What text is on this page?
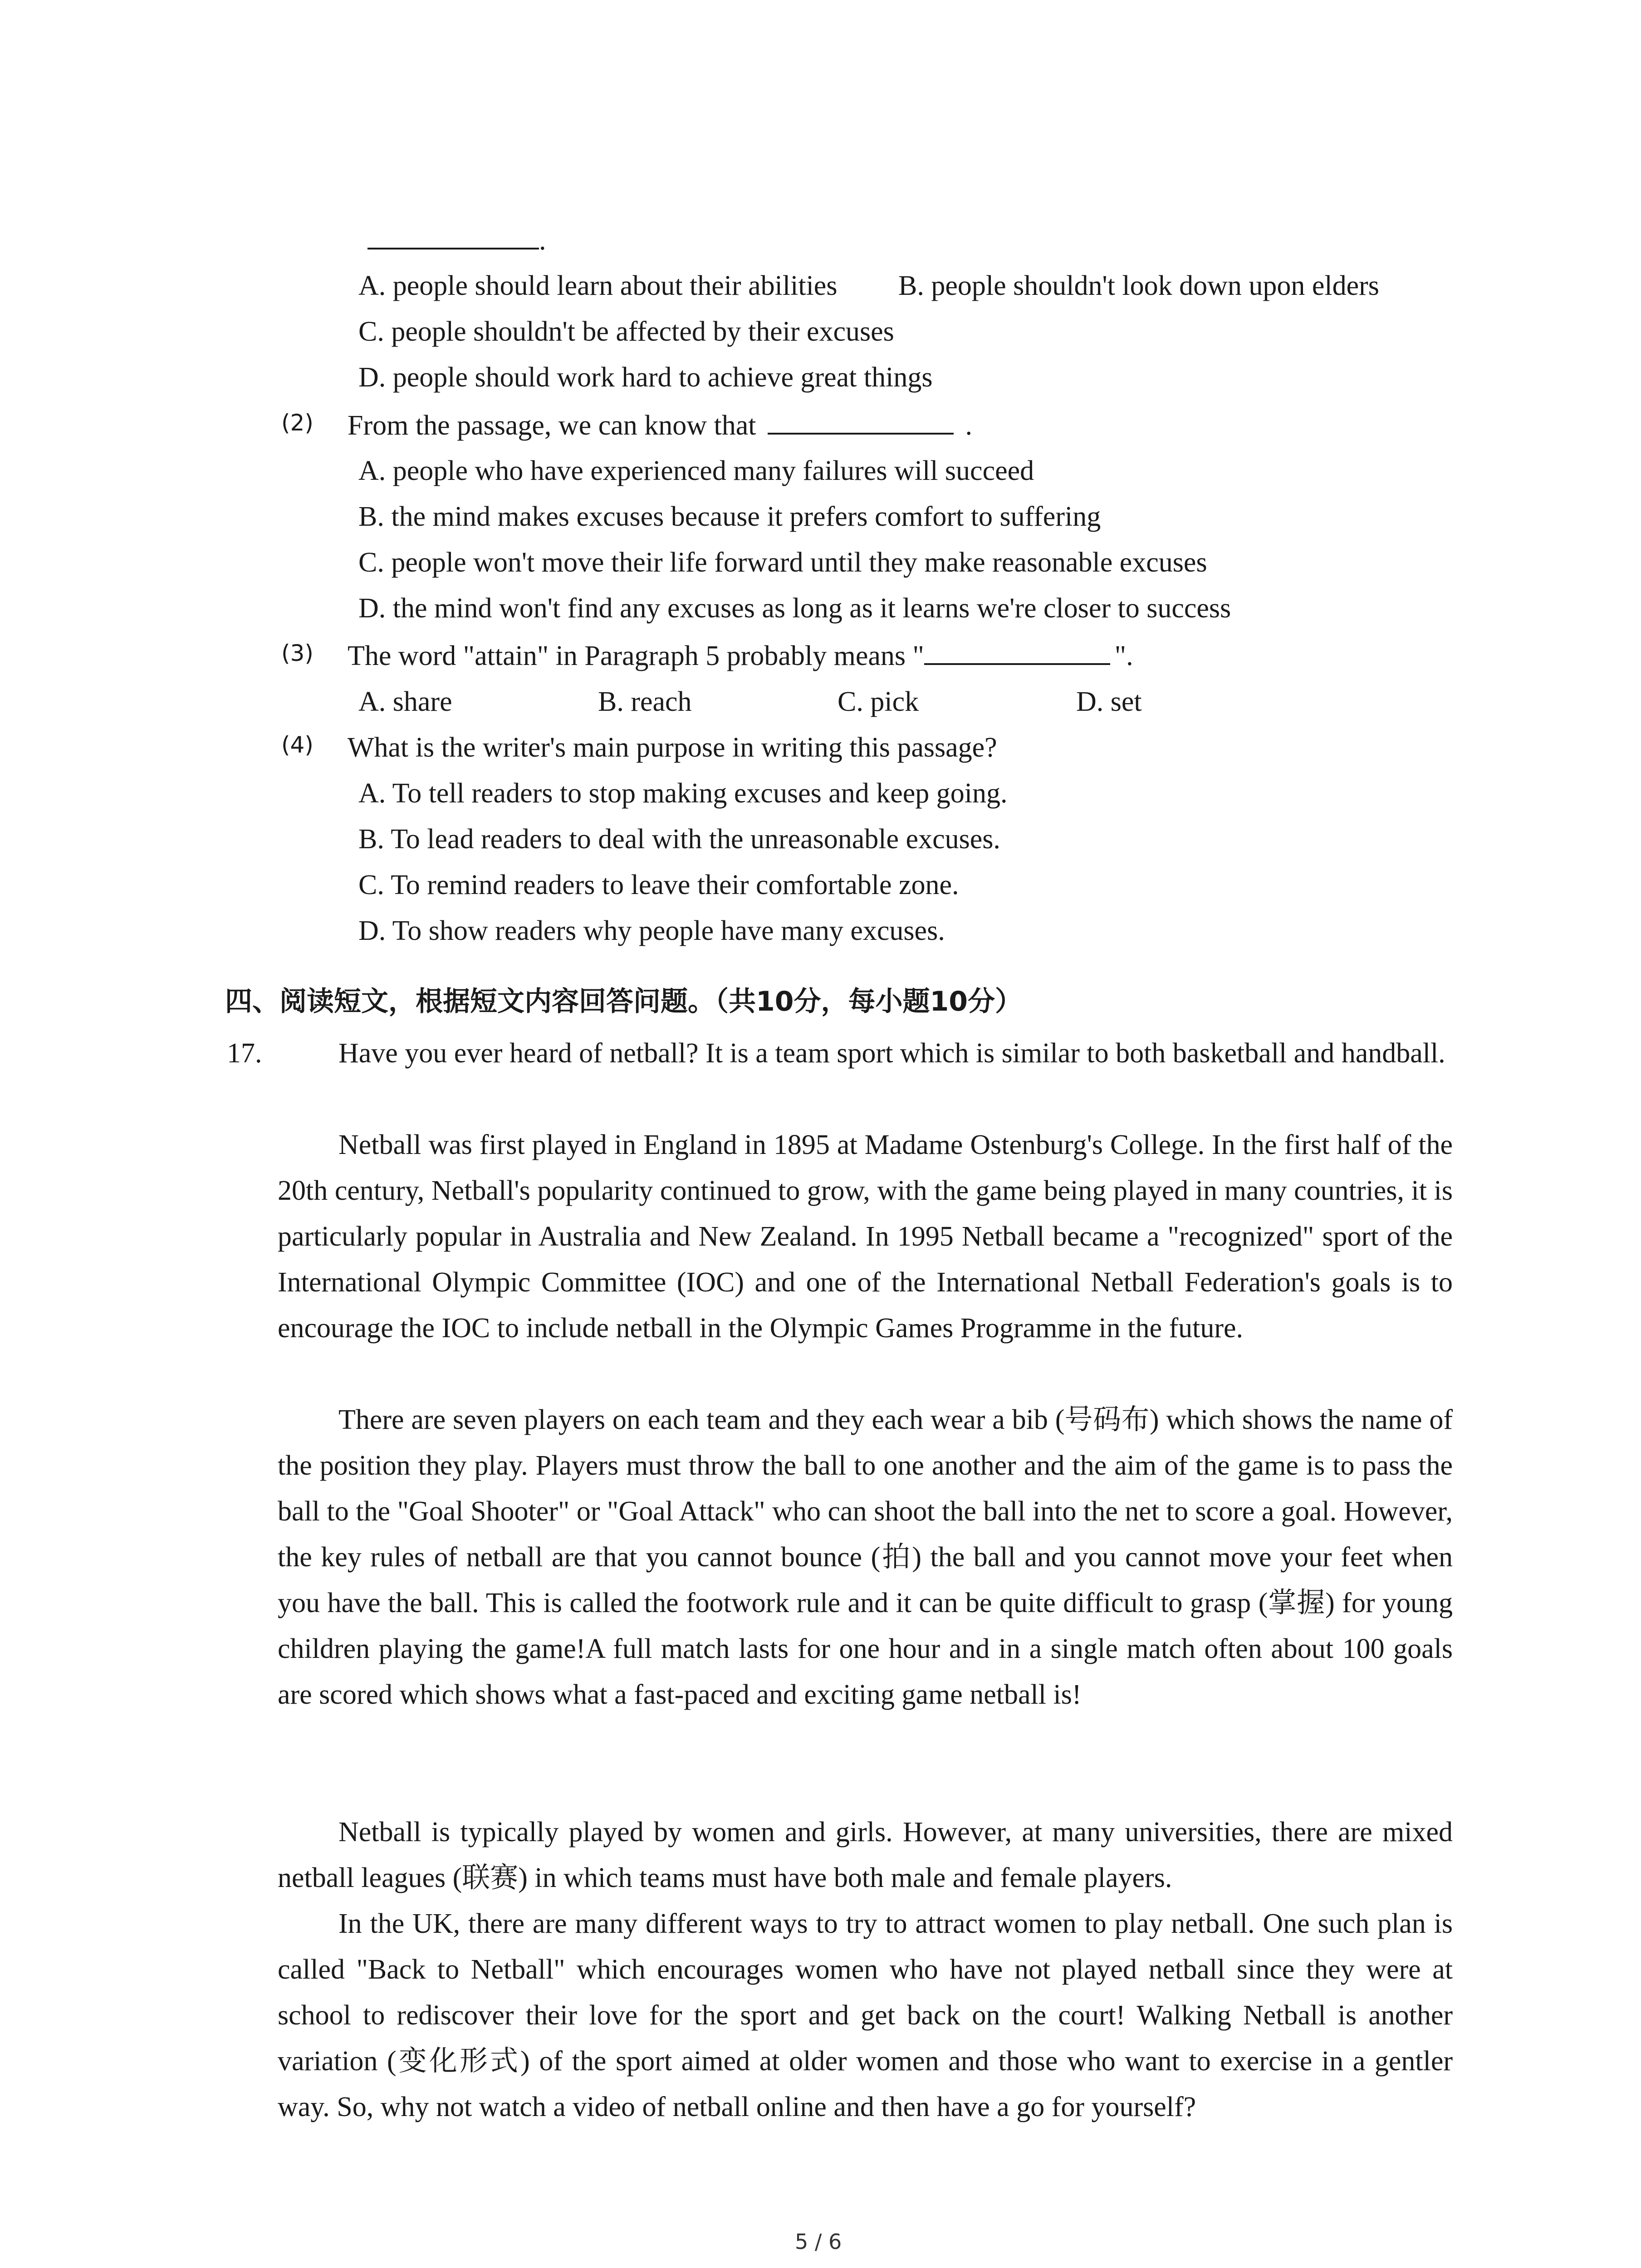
.
A. people should learn about their abilities B. people shouldn't look down upon elders
C. people shouldn't be affected by their excuses
D. people should work hard to achieve great things
(2) From the passage, we can know that	.
A. people who have experienced many failures will succeed
B. the mind makes excuses because it prefers comfort to suffering
C. people won't move their life forward until they make reasonable excuses
D. the mind won't find any excuses as long as it learns we're closer to success
(3) The word "attain" in Paragraph 5 probably means "	".
A. share	B. reach	C. pick	D. set
(4) What is the writer's main purpose in writing this passage?
A. To tell readers to stop making excuses and keep going.
B. To lead readers to deal with the unreasonable excuses.
C. To remind readers to leave their comfortable zone.
D. To show readers why people have many excuses.
四、阅读短文，根据短文内容回答问题。（共10分，每小题10分）
17.	Have you ever heard of netball? It is a team sport which is similar to both basketball and handball.

Netball was first played in England in 1895 at Madame Ostenburg's College. In the first half of the 20th century, Netball's popularity continued to grow, with the game being played in many countries, it is particularly popular in Australia and New Zealand. In 1995 Netball became a "recognized" sport of the International Olympic Committee (IOC) and one of the International Netball Federation's goals is to encourage the IOC to include netball in the Olympic Games Programme in the future.

There are seven players on each team and they each wear a bib (号码布) which shows the name of the position they play. Players must throw the ball to one another and the aim of the game is to pass the ball to the "Goal Shooter" or "Goal Attack" who can shoot the ball into the net to score a goal. However, the key rules of netball are that you cannot bounce (拍) the ball and you cannot move your feet when you have the ball. This is called the footwork rule and it can be quite difficult to grasp (掌握) for young children playing the game!A full match lasts for one hour and in a single match often about 100 goals are scored which shows what a fast-paced and exciting game netball is!

Netball is typically played by women and girls. However, at many universities, there are mixed netball leagues (联赛) in which teams must have both male and female players.

In the UK, there are many different ways to try to attract women to play netball. One such plan is called "Back to Netball" which encourages women who have not played netball since they were at school to rediscover their love for the sport and get back on the court! Walking Netball is another variation (变化形式) of the sport aimed at older women and those who want to exercise in a gentler way. So, why not watch a video of netball online and then have a go for yourself?

5 / 6
